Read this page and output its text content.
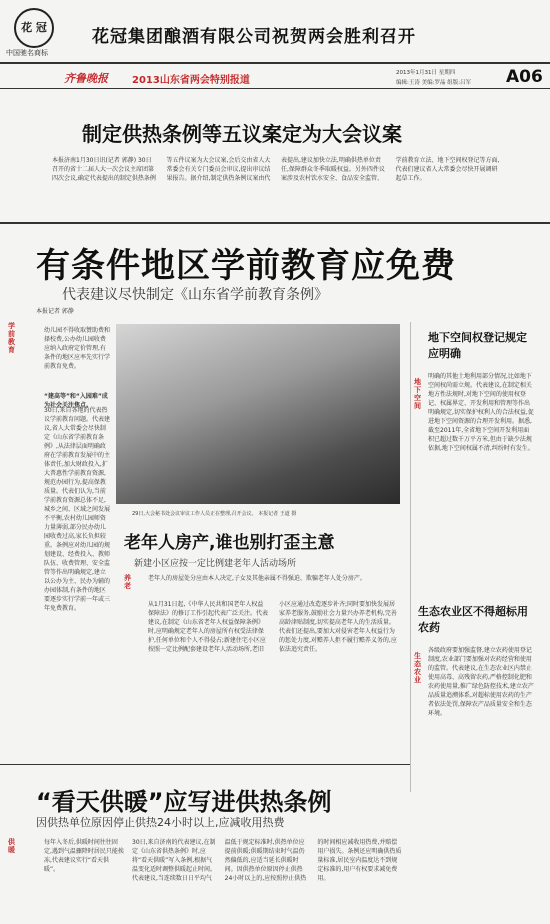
花 冠
中国驰名商标
花冠集团酿酒有限公司祝贺两会胜利召开
齐鲁晚报 2013山东省两会特别报道
2013年1月31日 星期四
编辑:王涛 美编:罗晶 组版:吕军 A06
制定供热条例等五议案定为大会议案
本报济南1月30日讯(记者 郭静) 30日召开的省十二届人大一次会议主席团第四次会议,确定代表提出的制定供热条例等五件议案为大会议案,会后交由省人大常委会有关专门委员会审议,提出审议结果报告。据介绍,制定供热条例议案由代表提出,建议加快立法,明确供热单位责任,保障群众冬季取暖权益。另外四件议案涉及农村饮水安全、食品安全监管、学前教育立法、地下空间权登记等方面,代表们建议省人大常委会尽快开展调研起草工作。
有条件地区学前教育应免费
代表建议尽快制定《山东省学前教育条例》
本报记者 郭静
学前教育
幼儿园不得收取赞助费和择校费,公办幼儿园收费应纳入政府定价管理,有条件的地区应率先实行学前教育免费。
“建高等”和“入园难”成为社会关注焦点。
30日,来自各地的代表热议学前教育问题。代表建议,省人大常委会尽快制定《山东省学前教育条例》,从法律层面明确政府在学前教育发展中的主体责任,加大财政投入,扩大普惠性学前教育资源,规范办园行为,提高保教质量。代表们认为,当前学前教育资源总体不足,城乡之间、区域之间发展不平衡,农村幼儿园师资力量薄弱,部分民办幼儿园收费过高,家长负担较重。条例应对幼儿园的规划建设、经费投入、教师队伍、收费管理、安全监管等作出明确规定,建立以公办为主、民办为辅的办园体制,有条件的地区要逐步实行学前一年或三年免费教育。
29日,大会秘书处会议审议工作人员正在整理,召开会议。 本报记者 王道 摄
地下空间权登记规定应明确
地下空间
明确的其他土地利用部分情况,比如地下空间权尚需立规。代表建议,在制定相关地方性法规时,对地下空间的使用权登记、权属界定、开发利用和管理等作出明确规定,切实保护权利人的合法权益,促进地下空间资源的合理开发利用。据悉,截至2011年,全省地下空间开发利用面积已超过数千万平方米,但由于缺少法规依据,地下空间权属不清,纠纷时有发生。
老年人房产,谁也别打歪主意
新建小区应按一定比例建老年人活动场所
养老
老年人的房屋处分应由本人决定,子女及其他亲属不得强迫、欺骗老年人处分房产。
从1月31日起,《中华人民共和国老年人权益保障法》的修订工作引起代表广泛关注。代表建议,在制定《山东省老年人权益保障条例》时,应明确规定老年人的房屋所有权受法律保护,任何单位和个人不得侵占;新建住宅小区应按照一定比例配套建设老年人活动场所,老旧小区应通过改造逐步补齐;同时要加快发展居家养老服务,鼓励社会力量兴办养老机构,完善高龄津贴制度,切实提高老年人的生活质量。代表们还提出,要加大对侵害老年人权益行为的惩处力度,对赡养人拒不履行赡养义务的,应依法追究责任。
生态农业区不得超标用农药
生态农业
各级政府要加强监督,建立农药使用登记制度,农业部门要加强对农药经营和使用的监管。代表建议,在生态农业区内禁止使用高毒、高残留农药,严格控制化肥和农药使用量,推广绿色防控技术,建立农产品质量追溯体系,对超标使用农药的生产者依法处罚,保障农产品质量安全和生态环境。
“看天供暖”应写进供热条例
因供热单位原因停止供热24小时以上,应减收用热费
供暖
每年入冬后,供暖时间往往固定,遇到气温骤降时居民只能挨冻,代表建议实行“看天供暖”。
30日,来自济南的代表建议,在制定《山东省供热条例》时,应将“看天供暖”写入条例,根据气温变化适时调整供暖起止时间。代表建议,当连续数日日平均气温低于规定标准时,供热单位应提前供暖;供暖期结束时气温仍然偏低的,应适当延长供暖时间。因供热单位原因停止供热24小时以上的,应按照停止供热的时间相应减收用热费,并赔偿用户损失。条例还应明确供热质量标准,居民室内温度达不到规定标准的,用户有权要求减免费用。
